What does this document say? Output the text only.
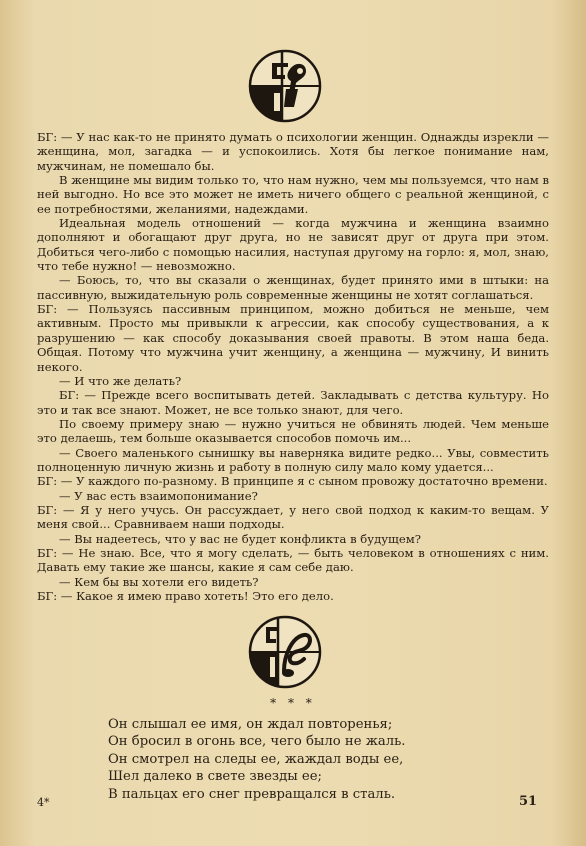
БГ: — У нас как-то не принято думать о психологии женщин. Однажды изрекли — женщина, мол, загадка — и успокоились. Хотя бы легкое понимание нам, мужчинам, не помешало бы.

В женщине мы видим только то, что нам нужно, чем мы пользуемся, что нам в ней выгодно. Но все это может не иметь ничего общего с реальной женщиной, с ее потребностями, желаниями, надеждами.

Идеальная модель отношений — когда мужчина и женщина взаимно дополняют и обогащают друг друга, но не зависят друг от друга при этом. Добиться чего-либо с помощью насилия, наступая другому на горло: я, мол, знаю, что тебе нужно! — невозможно.

— Боюсь, то, что вы сказали о женщинах, будет принято ими в штыки: на пассивную, выжидательную роль современные женщины не хотят соглашаться.

БГ: — Пользуясь пассивным принципом, можно добиться не меньше, чем активным. Просто мы привыкли к агрессии, как способу существования, а к разрушению — как способу доказывания своей правоты. В этом наша беда. Общая. Потому что мужчина учит женщину, а женщина — мужчину, И винить некого.

— И что же делать?

БГ: — Прежде всего воспитывать детей. Закладывать с детства культуру. Но это и так все знают. Может, не все только знают, для чего.

По своему примеру знаю — нужно учиться не обвинять людей. Чем меньше это делаешь, тем больше оказывается способов помочь им...

— Своего маленького сынишку вы наверняка видите редко... Увы, совместить полноценную личную жизнь и работу в полную силу мало кому удается...

БГ: — У каждого по-разному. В принципе я с сыном провожу достаточно времени.

— У вас есть взаимопонимание?

БГ: — Я у него учусь. Он рассуждает, у него свой подход к каким-то вещам. У меня свой... Сравниваем наши подходы.

— Вы надеетесь, что у вас не будет конфликта в будущем?

БГ: — Не знаю. Все, что я могу сделать, — быть человеком в отношениях с ним. Давать ему такие же шансы, какие я сам себе даю.

— Кем бы вы хотели его видеть?

БГ: — Какое я имею право хотеть! Это его дело.

* * *
Он слышал ее имя, он ждал повторенья;
Он бросил в огонь все, чего было не жаль.
Он смотрел на следы ее, жаждал воды ее,
Шел далеко в свете звезды ее;
В пальцах его снег превращался в сталь.
4*	51
